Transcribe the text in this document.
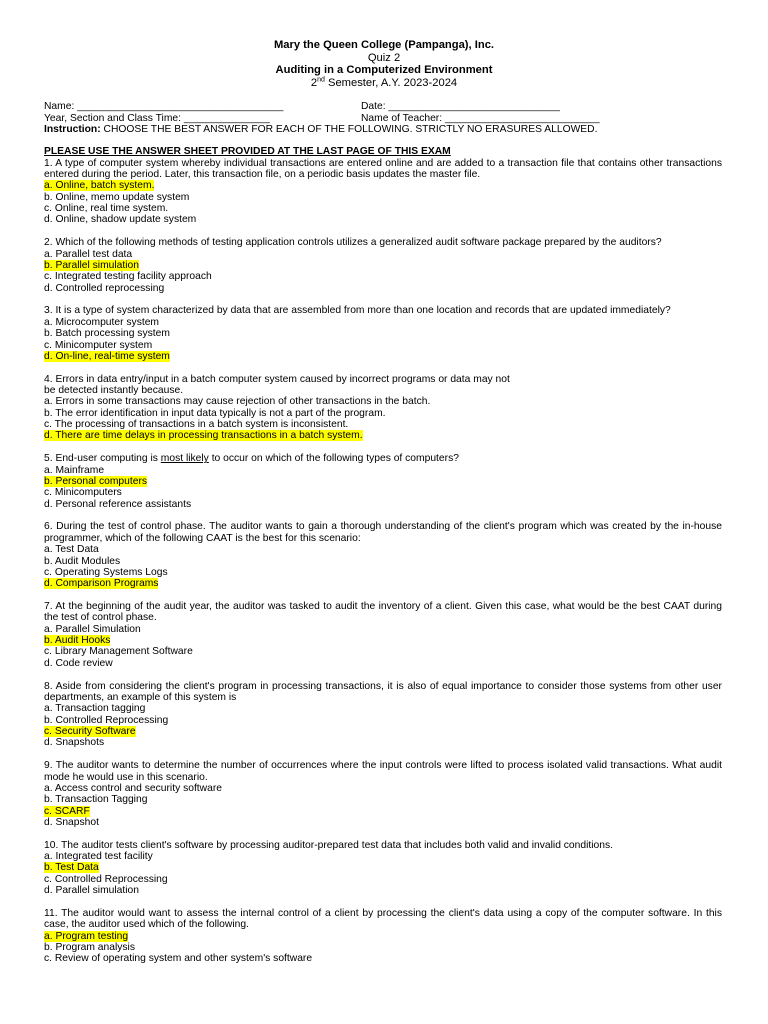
Mary the Queen College (Pampanga), Inc.
Quiz 2
Auditing in a Computerized Environment
2nd Semester, A.Y. 2023-2024
Name: ____________________________________	Date: ______________________________
Year, Section and Class Time: _______________	Name of Teacher: ___________________________
Instruction: CHOOSE THE BEST ANSWER FOR EACH OF THE FOLLOWING. STRICTLY NO ERASURES ALLOWED.
PLEASE USE THE ANSWER SHEET PROVIDED AT THE LAST PAGE OF THIS EXAM
1. A type of computer system whereby individual transactions are entered online and are added to a transaction file that contains other transactions entered during the period. Later, this transaction file, on a periodic basis updates the master file.
a. Online, batch system.
b. Online, memo update system
c. Online, real time system.
d. Online, shadow update system
2. Which of the following methods of testing application controls utilizes a generalized audit software package prepared by the auditors?
a. Parallel test data
b. Parallel simulation
c. Integrated testing facility approach
d. Controlled reprocessing
3. It is a type of system characterized by data that are assembled from more than one location and records that are updated immediately?
a. Microcomputer system
b. Batch processing system
c. Minicomputer system
d. On-line, real-time system
4. Errors in data entry/input in a batch computer system caused by incorrect programs or data may not
be detected instantly because.
a. Errors in some transactions may cause rejection of other transactions in the batch.
b. The error identification in input data typically is not a part of the program.
c. The processing of transactions in a batch system is inconsistent.
d. There are time delays in processing transactions in a batch system.
5. End-user computing is most likely to occur on which of the following types of computers?
a. Mainframe
b. Personal computers
c. Minicomputers
d. Personal reference assistants
6. During the test of control phase. The auditor wants to gain a thorough understanding of the client's program which was created by the in-house programmer, which of the following CAAT is the best for this scenario:
a. Test Data
b. Audit Modules
c. Operating Systems Logs
d. Comparison Programs
7. At the beginning of the audit year, the auditor was tasked to audit the inventory of a client. Given this case, what would be the best CAAT during the test of control phase.
a. Parallel Simulation
b. Audit Hooks
c. Library Management Software
d. Code review
8. Aside from considering the client's program in processing transactions, it is also of equal importance to consider those systems from other user departments, an example of this system is
a. Transaction tagging
b. Controlled Reprocessing
c. Security Software
d. Snapshots
9. The auditor wants to determine the number of occurrences where the input controls were lifted to process isolated valid transactions. What audit mode he would use in this scenario.
a. Access control and security software
b. Transaction Tagging
c. SCARF
d. Snapshot
10. The auditor tests client's software by processing auditor-prepared test data that includes both valid and invalid conditions.
a. Integrated test facility
b. Test Data
c. Controlled Reprocessing
d. Parallel simulation
11. The auditor would want to assess the internal control of a client by processing the client's data using a copy of the computer software. In this case, the auditor used which of the following.
a. Program testing
b. Program analysis
c. Review of operating system and other system's software
